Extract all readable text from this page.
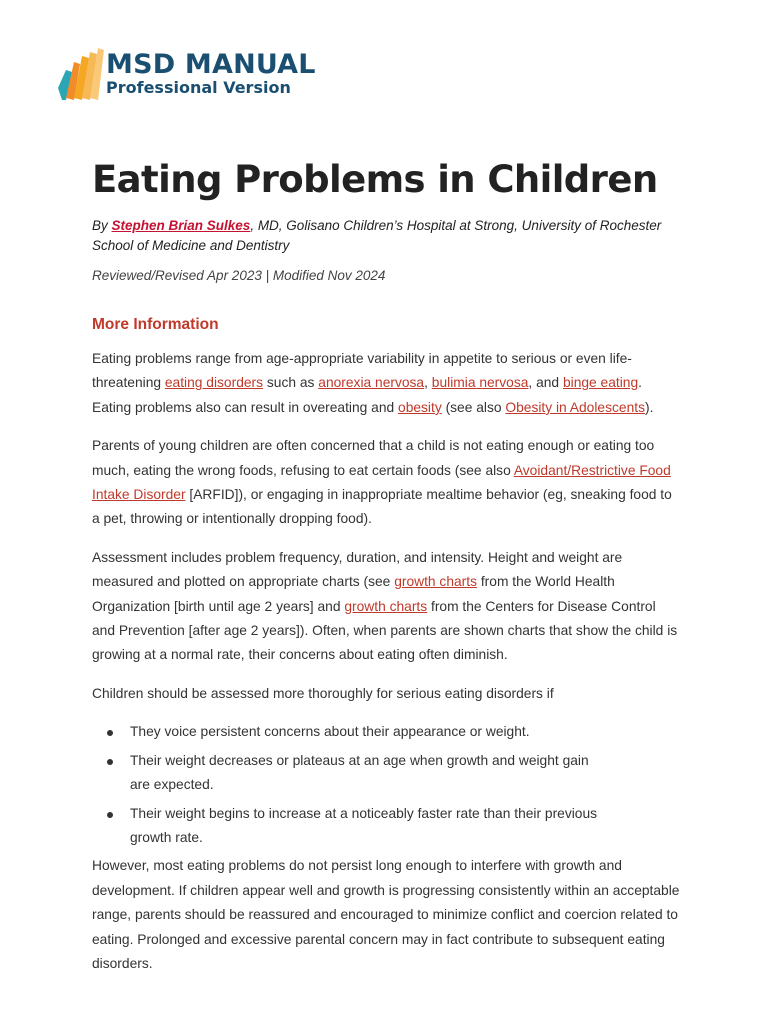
MSD MANUAL
Professional Version
Eating Problems in Children

By Stephen Brian Sulkes, MD, Golisano Children’s Hospital at Strong, University of Rochester School of Medicine and Dentistry

Reviewed/Revised Apr 2023 | Modified Nov 2024

More Information

Eating problems range from age-appropriate variability in appetite to serious or even life-threatening eating disorders such as anorexia nervosa, bulimia nervosa, and binge eating. Eating problems also can result in overeating and obesity (see also Obesity in Adolescents).

Parents of young children are often concerned that a child is not eating enough or eating too much, eating the wrong foods, refusing to eat certain foods (see also Avoidant/Restrictive Food Intake Disorder [ARFID]), or engaging in inappropriate mealtime behavior (eg, sneaking food to a pet, throwing or intentionally dropping food).

Assessment includes problem frequency, duration, and intensity. Height and weight are measured and plotted on appropriate charts (see growth charts from the World Health Organization [birth until age 2 years] and growth charts from the Centers for Disease Control and Prevention [after age 2 years]). Often, when parents are shown charts that show the child is growing at a normal rate, their concerns about eating often diminish.

Children should be assessed more thoroughly for serious eating disorders if

They voice persistent concerns about their appearance or weight.
Their weight decreases or plateaus at an age when growth and weight gain are expected.
Their weight begins to increase at a noticeably faster rate than their previous growth rate.

However, most eating problems do not persist long enough to interfere with growth and development. If children appear well and growth is progressing consistently within an acceptable range, parents should be reassured and encouraged to minimize conflict and coercion related to eating. Prolonged and excessive parental concern may in fact contribute to subsequent eating disorders.
